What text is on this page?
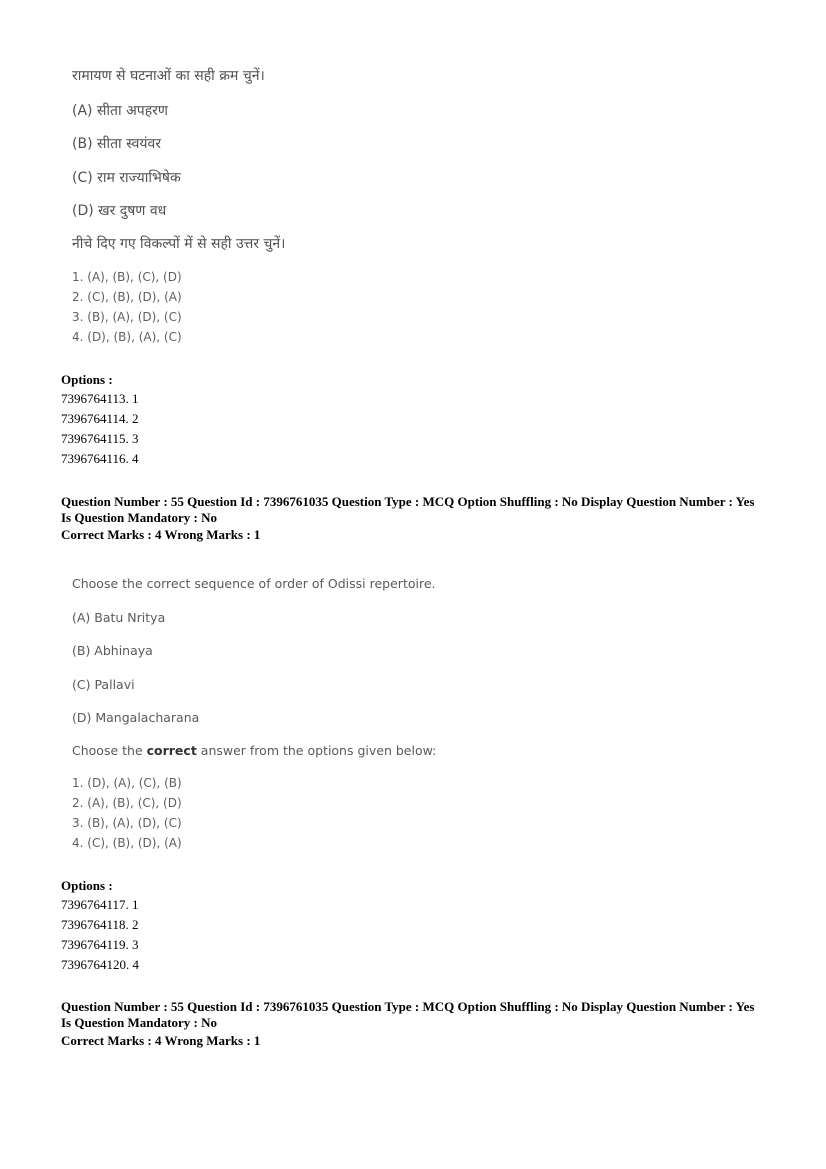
रामायण से घटनाओं का सही क्रम चुनें।
(A) सीता अपहरण
(B) सीता स्वयंवर
(C) राम राज्याभिषेक
(D) खर दुषण वध
नीचे दिए गए विकल्पों में से सही उत्तर चुनें।
1. (A), (B), (C), (D)
2. (C), (B), (D), (A)
3. (B), (A), (D), (C)
4. (D), (B), (A), (C)
Options :
7396764113. 1
7396764114. 2
7396764115. 3
7396764116. 4
Question Number : 55 Question Id : 7396761035 Question Type : MCQ Option Shuffling : No Display Question Number : Yes
Is Question Mandatory : No
Correct Marks : 4 Wrong Marks : 1
Choose the correct sequence of order of Odissi repertoire.
(A) Batu Nritya
(B) Abhinaya
(C) Pallavi
(D) Mangalacharana
Choose the correct answer from the options given below:
1. (D), (A), (C), (B)
2. (A), (B), (C), (D)
3. (B), (A), (D), (C)
4. (C), (B), (D), (A)
Options :
7396764117. 1
7396764118. 2
7396764119. 3
7396764120. 4
Question Number : 55 Question Id : 7396761035 Question Type : MCQ Option Shuffling : No Display Question Number : Yes
Is Question Mandatory : No
Correct Marks : 4 Wrong Marks : 1
